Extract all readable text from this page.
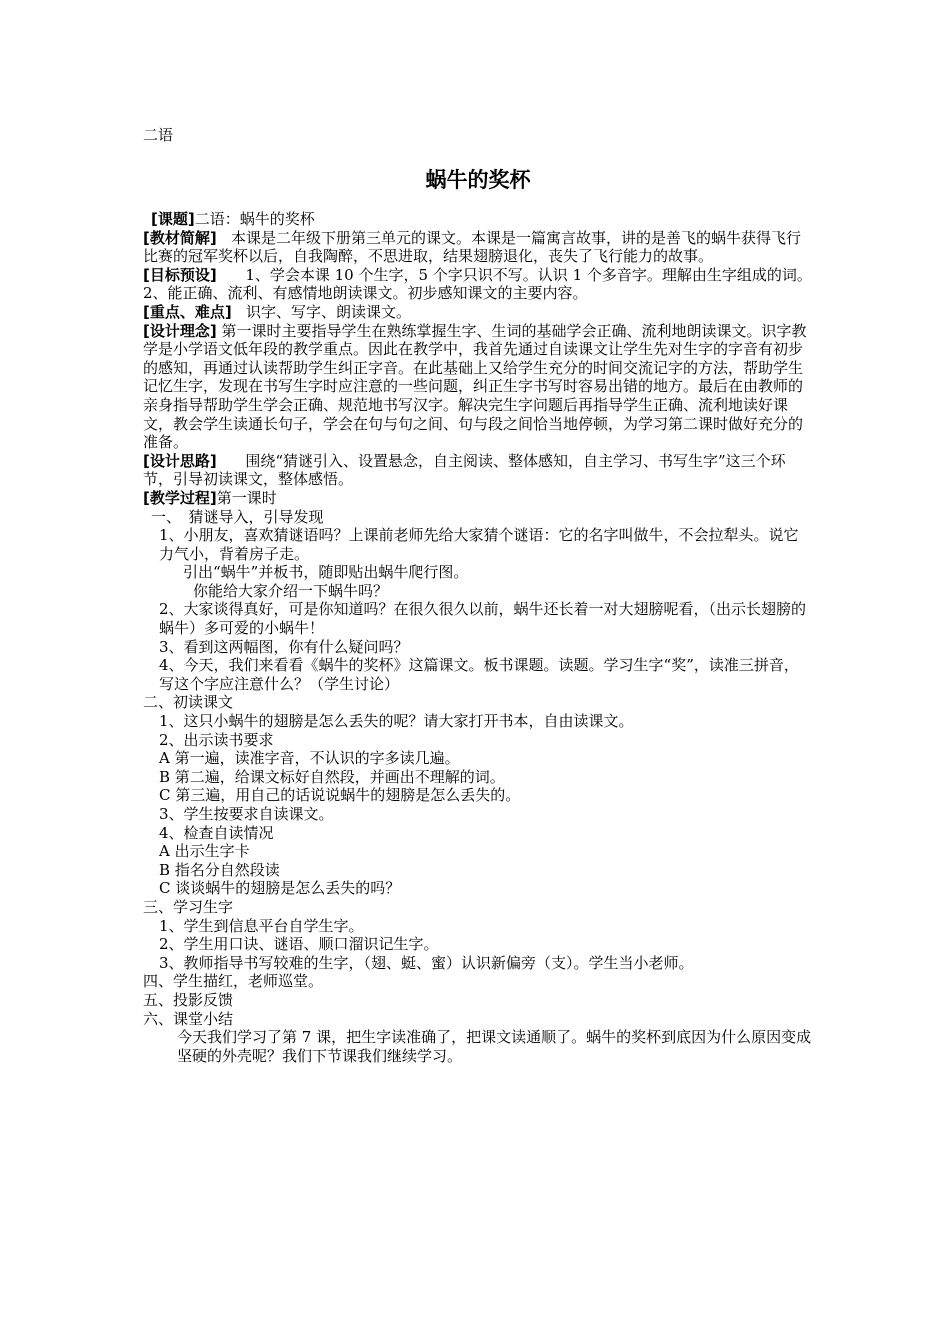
二语
蜗牛的奖杯

[课题]二语：蜗牛的奖杯

[教材简解] 本课是二年级下册第三单元的课文。本课是一篇寓言故事，讲的是善飞的蜗牛获得飞行比赛的冠军奖杯以后，自我陶醉，不思进取，结果翅膀退化，丧失了飞行能力的故事。

[目标预设] 1、学会本课 10 个生字，5 个字只识不写。认识 1 个多音字。理解由生字组成的词。2、能正确、流利、有感情地朗读课文。初步感知课文的主要内容。

[重点、难点] 识字、写字、朗读课文。

[设计理念] 第一课时主要指导学生在熟练掌握生字、生词的基础学会正确、流利地朗读课文。识字教学是小学语文低年段的教学重点。因此在教学中，我首先通过自读课文让学生先对生字的字音有初步的感知，再通过认读帮助学生纠正字音。在此基础上又给学生充分的时间交流记字的方法，帮助学生记忆生字，发现在书写生字时应注意的一些问题，纠正生字书写时容易出错的地方。最后在由教师的亲身指导帮助学生学会正确、规范地书写汉字。解决完生字问题后再指导学生正确、流利地读好课文，教会学生读通长句子，学会在句与句之间、句与段之间恰当地停顿，为学习第二课时做好充分的准备。

[设计思路] 围绕“猜谜引入、设置悬念，自主阅读、整体感知，自主学习、书写生字”这三个环节，引导初读课文，整体感悟。

[教学过程]第一课时

一、　猜谜导入，引导发现

1、小朋友，喜欢猜谜语吗？上课前老师先给大家猜个谜语：它的名字叫做牛，不会拉犁头。说它力气小，背着房子走。

引出“蜗牛”并板书，随即贴出蜗牛爬行图。

你能给大家介绍一下蜗牛吗？

2、大家谈得真好，可是你知道吗？在很久很久以前，蜗牛还长着一对大翅膀呢看，（出示长翅膀的蜗牛）多可爱的小蜗牛！

3、看到这两幅图，你有什么疑问吗？

4、今天，我们来看看《蜗牛的奖杯》这篇课文。板书课题。读题。学习生字“奖”，读准三拼音，写这个字应注意什么？（学生讨论）

二、初读课文

1、这只小蜗牛的翅膀是怎么丢失的呢？请大家打开书本，自由读课文。

2、出示读书要求

A 第一遍，读准字音，不认识的字多读几遍。

B 第二遍，给课文标好自然段，并画出不理解的词。

C 第三遍，用自己的话说说蜗牛的翅膀是怎么丢失的。

3、学生按要求自读课文。

4、检查自读情况

A 出示生字卡

B 指名分自然段读

C 谈谈蜗牛的翅膀是怎么丢失的吗？

三、学习生字

1、学生到信息平台自学生字。

2、学生用口诀、谜语、顺口溜识记生字。

3、教师指导书写较难的生字，（翅、蜓、蜜）认识新偏旁（支）。学生当小老师。

四、学生描红，老师巡堂。

五、投影反馈

六、课堂小结

今天我们学习了第 7 课，把生字读准确了，把课文读通顺了。蜗牛的奖杯到底因为什么原因变成坚硬的外壳呢？我们下节课我们继续学习。
